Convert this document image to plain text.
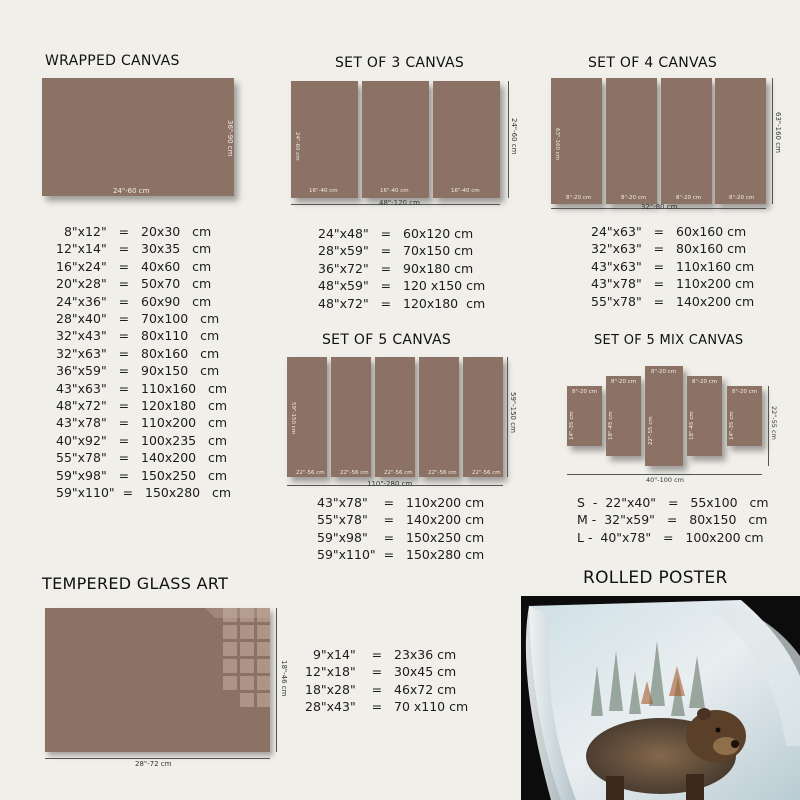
WRAPPED CANVAS
24"-60 cm
36"-90 cm
8"x12"   =   20x30   cm
12"x14"   =   30x35   cm
16"x24"   =   40x60   cm
20"x28"   =   50x70   cm
24"x36"   =   60x90   cm
28"x40"   =   70x100   cm
32"x43"   =   80x110   cm
32"x63"   =   80x160   cm
36"x59"   =   90x150   cm
43"x63"   =   110x160   cm
48"x72"   =   120x180   cm
43"x78"   =   110x200   cm
40"x92"   =   100x235   cm
55"x78"   =   140x200   cm
59"x98"   =   150x250   cm
59"x110"  =   150x280   cm
SET OF 3 CANVAS
16"-40 cm	16"-40 cm	16"-40 cm
24"-60 cm
48"-120 cm
24"-60 cm
24"x48"   =   60x120 cm
28"x59"   =   70x150 cm
36"x72"   =   90x180 cm
48"x59"   =   120 x150 cm
48"x72"   =   120x180  cm
SET OF 4 CANVAS
8"-20 cm	8"-20 cm	8"-20 cm	8"-20 cm
63"-160 cm
32"-80 cm
63"-160 cm
24"x63"   =   60x160 cm
32"x63"   =   80x160 cm
43"x63"   =   110x160 cm
43"x78"   =   110x200 cm
55"x78"   =   140x200 cm
SET OF 5 CANVAS
22"-56 cm	22"-56 cm	22"-56 cm	22"-56 cm	22"-56 cm
59"-150 cm
110"-280 cm
59"-150 cm
43"x78"    =   110x200 cm
55"x78"    =   140x200 cm
59"x98"    =   150x250 cm
59"x110"  =   150x280 cm
SET OF 5 MIX CANVAS
8"-20 cm
8"-20 cm
8"-20 cm
8"-20 cm
8"-20 cm
14"-35 cm	18"-45 cm	22"-55 cm	18"-45 cm	14"-35 cm
40"-100 cm
22"-55 cm
S  -  22"x40"   =   55x100   cm
M -  32"x59"   =   80x150   cm
L -  40"x78"   =   100x200 cm
TEMPERED GLASS ART
28"-72 cm
18"-46 cm
9"x14"    =   23x36 cm
12"x18"    =   30x45 cm
18"x28"    =   46x72 cm
28"x43"    =   70 x110 cm
ROLLED POSTER
